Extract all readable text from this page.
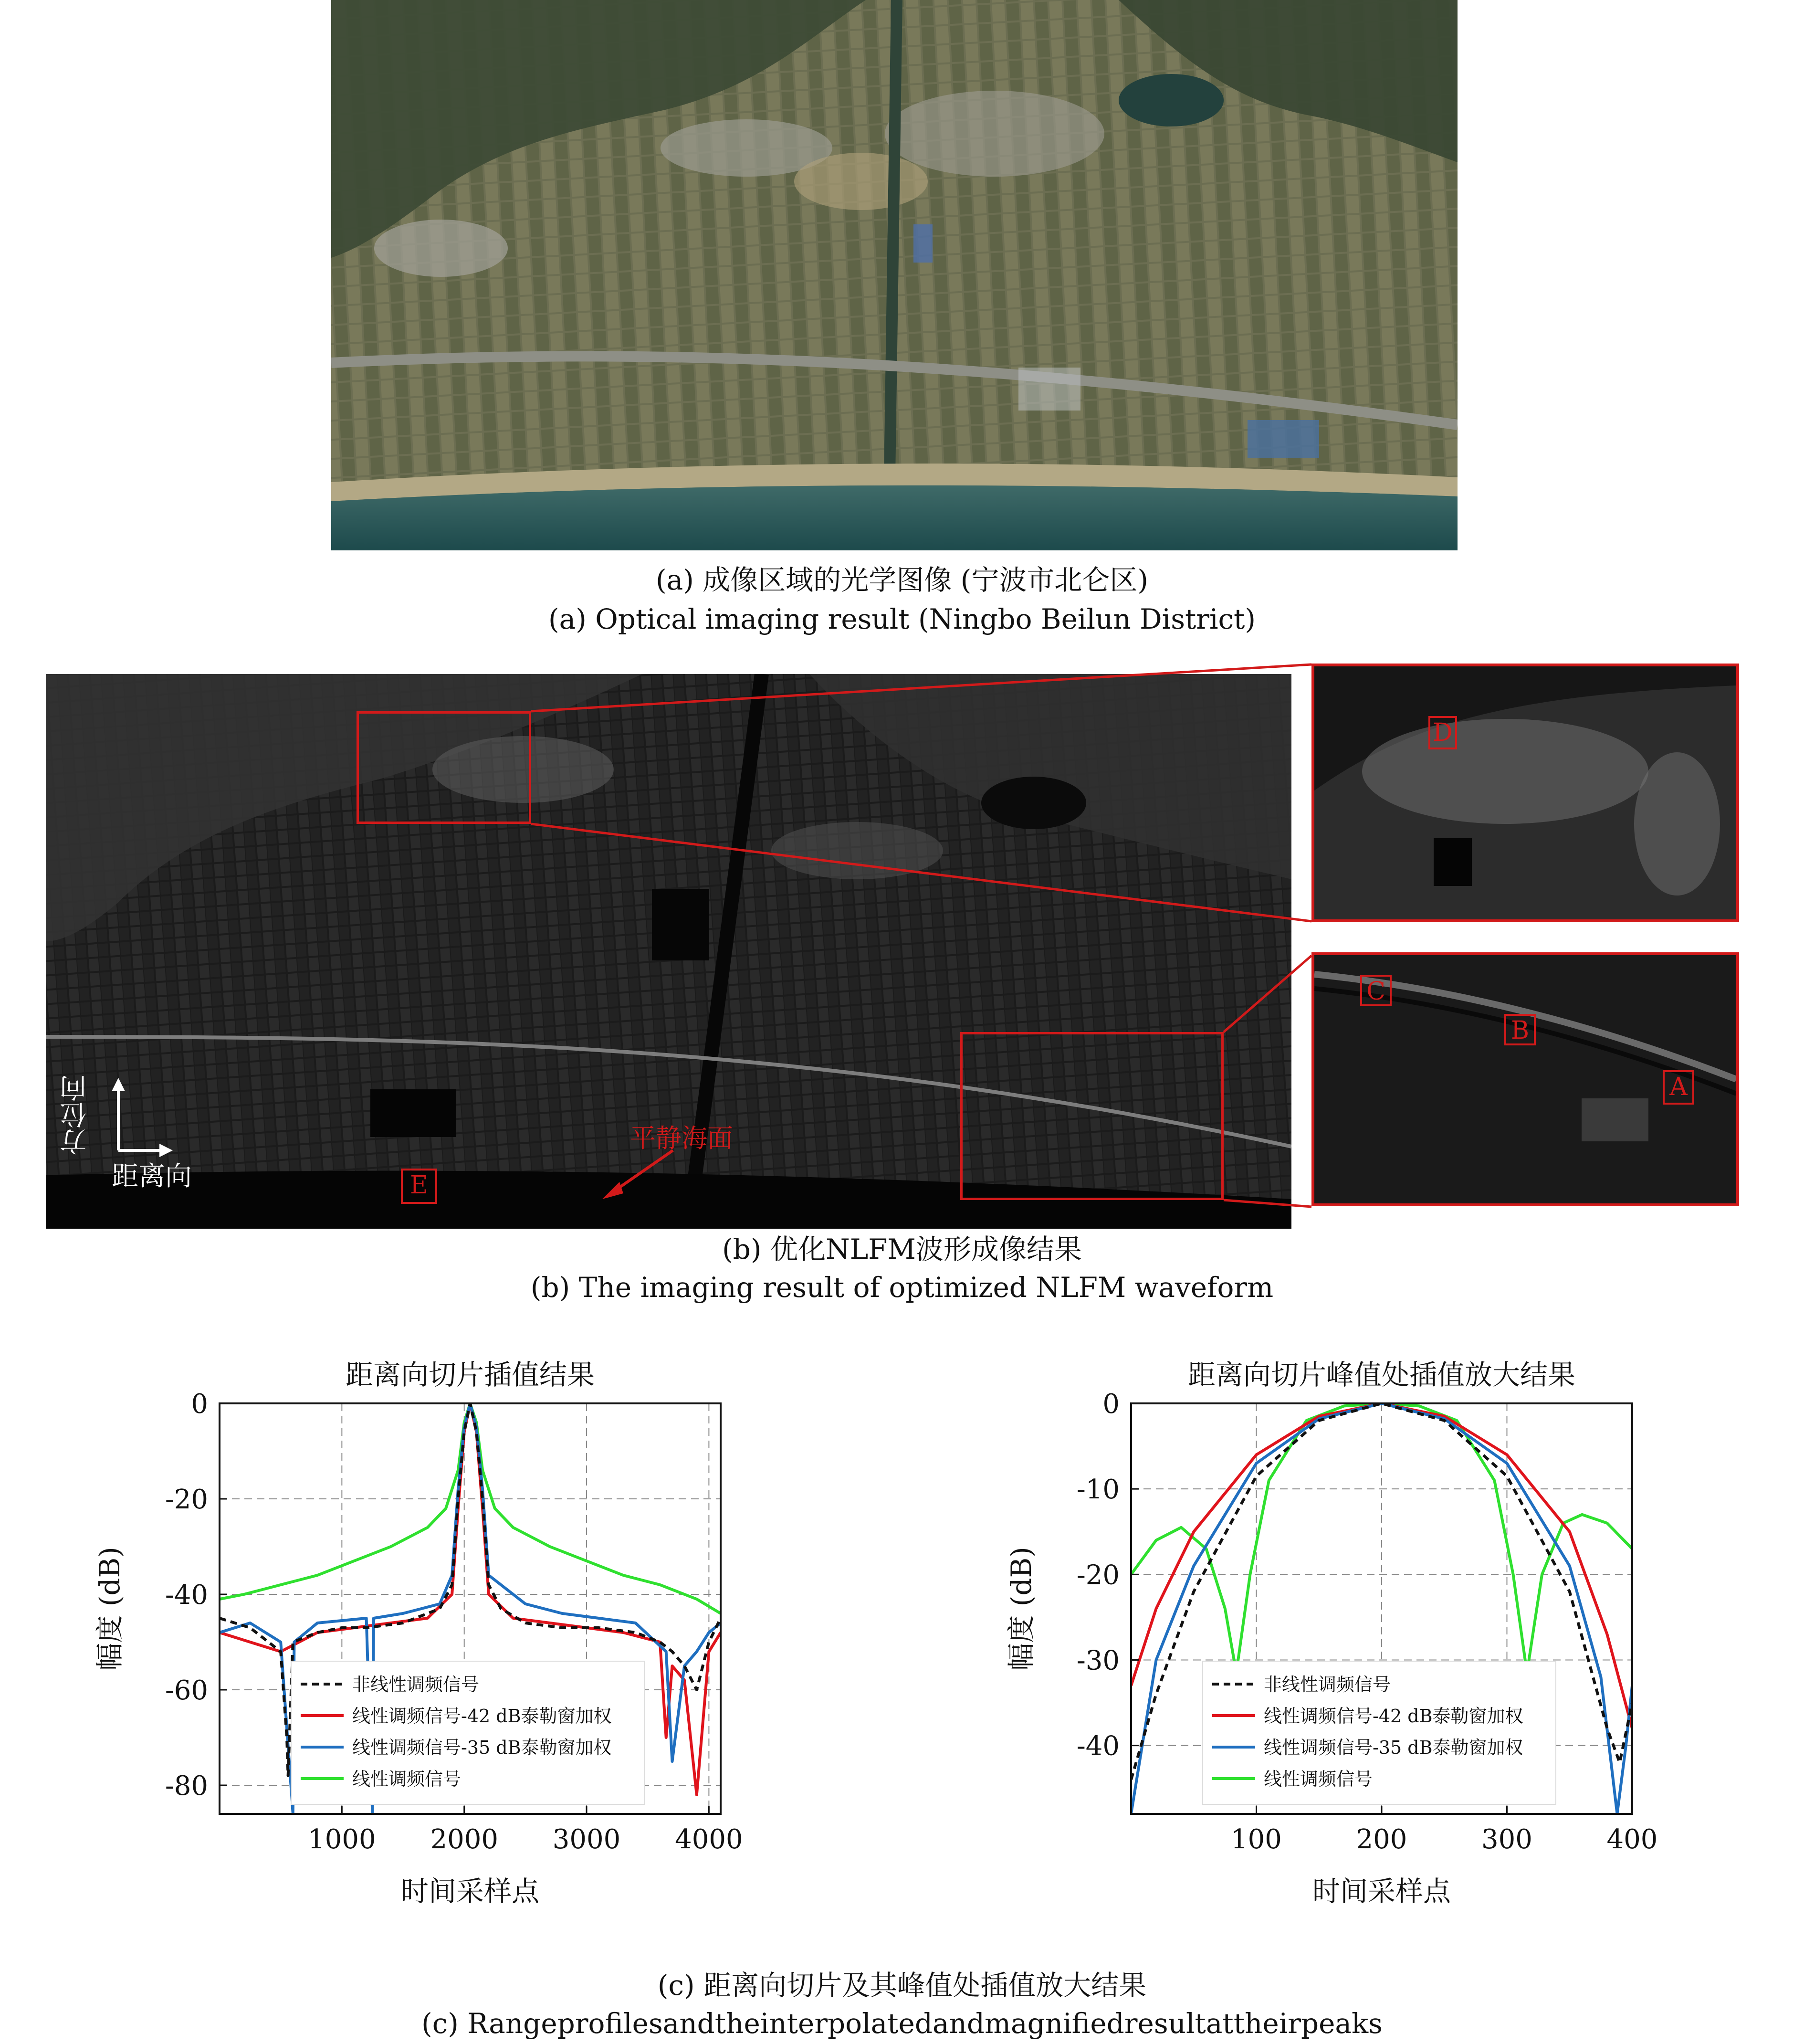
(a) 成像区域的光学图像 (宁波市北仑区)
(a) Optical imaging result (Ningbo Beilun District)
D
C
B
A
E
方位向
距离向
平静海面
(b) 优化NLFM波形成像结果
(b) The imaging result of optimized NLFM waveform
距离向切片插值结果
1000 2000 3000 4000
0
-20
-40
-60
-80
时间采样点
幅度 (dB)
非线性调频信号
线性调频信号-42 dB泰勒窗加权
线性调频信号-35 dB泰勒窗加权
线性调频信号
距离向切片峰值处插值放大结果
100	200	300	400
0
-10
-20
-30
-40
时间采样点
幅度 (dB)
非线性调频信号
线性调频信号-42 dB泰勒窗加权
线性调频信号-35 dB泰勒窗加权
线性调频信号
(c) 距离向切片及其峰值处插值放大结果
(c) Rangeprofilesandtheinterpolatedandmagnifiedresultattheirpeaks
